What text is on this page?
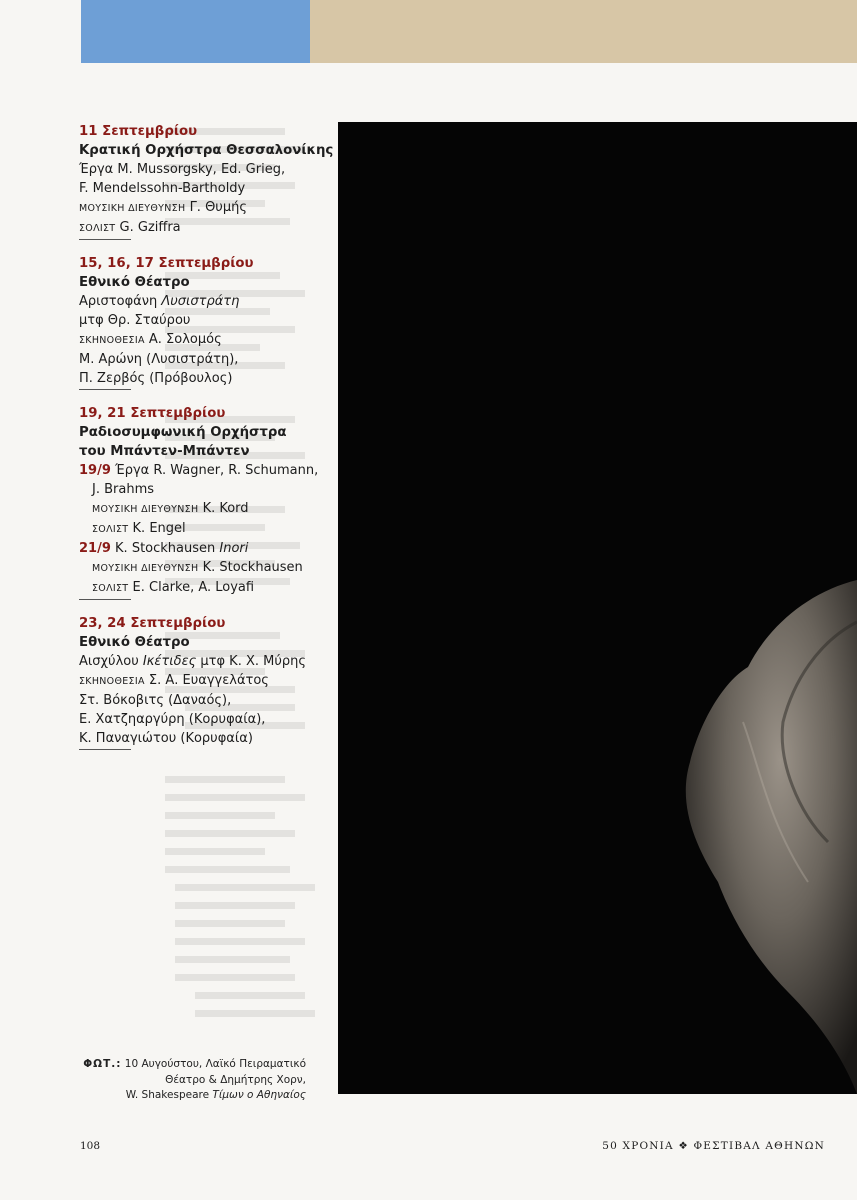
11 Σεπτεμβρίου
Κρατική Ορχήστρα Θεσσαλονίκης
Έργα M. Mussorgsky, Ed. Grieg,
F. Mendelssohn-Bartholdy
ΜΟΥΣΙΚΗ ΔΙΕΥΘΥΝΣΗ Γ. Θυμής
ΣΟΛΙΣΤ G. Gziffra
15, 16, 17 Σεπτεμβρίου
Εθνικό Θέατρο
Αριστοφάνη Λυσιστράτη
μτφ Θρ. Σταύρου
ΣΚΗΝΟΘΕΣΙΑ Α. Σολομός
Μ. Αρώνη (Λυσιστράτη),
Π. Ζερβός (Πρόβουλος)
19, 21 Σεπτεμβρίου
Ραδιοσυμφωνική Ορχήστρα
του Μπάντεν-Μπάντεν
19/9 Έργα R. Wagner, R. Schumann,
J. Brahms
ΜΟΥΣΙΚΗ ΔΙΕΥΘΥΝΣΗ K. Kord
ΣΟΛΙΣΤ K. Engel
21/9 K. Stockhausen Inori
ΜΟΥΣΙΚΗ ΔΙΕΥΘΥΝΣΗ K. Stockhausen
ΣΟΛΙΣΤ E. Clarke, A. Loyafi
23, 24 Σεπτεμβρίου
Εθνικό Θέατρο
Αισχύλου Ικέτιδες μτφ Κ. Χ. Μύρης
ΣΚΗΝΟΘΕΣΙΑ Σ. Α. Ευαγγελάτος
Στ. Βόκοβιτς (Δαναός),
Ε. Χατζηαργύρη (Κορυφαία),
Κ. Παναγιώτου (Κορυφαία)
ΦΩΤ.: 10 Αυγούστου, Λαϊκό Πειραματικό
Θέατρο & Δημήτρης Χορν,
W. Shakespeare Τίμων ο Αθηναίος
108	50 ΧΡΟΝΙΑ ❖ ΦΕΣΤΙΒΑΛ ΑΘΗΝΩΝ
